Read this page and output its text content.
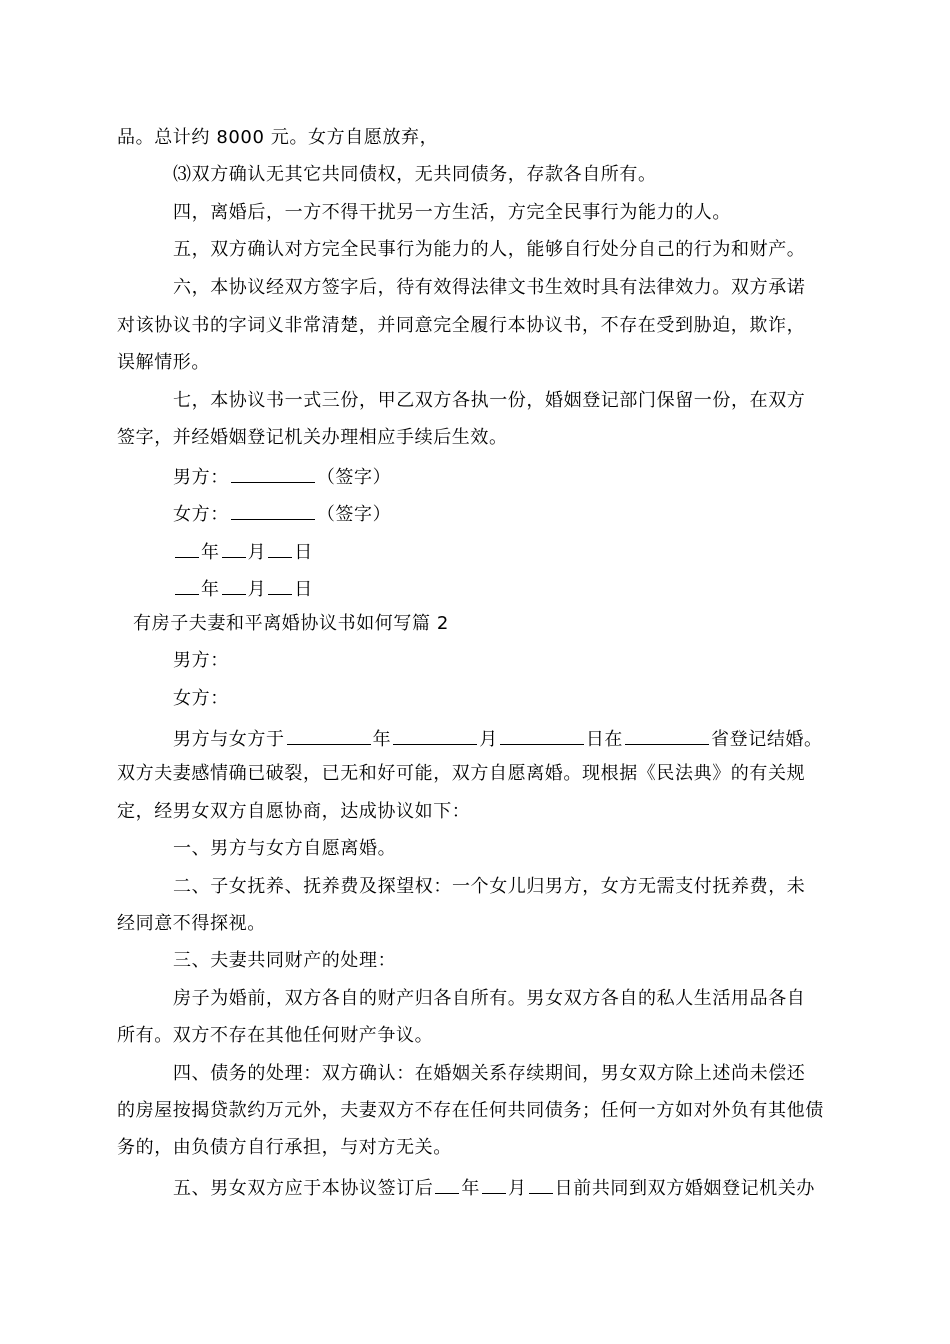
品。总计约 8000 元。女方自愿放弃，
⑶双方确认无其它共同债权，无共同债务，存款各自所有。
四，离婚后，一方不得干扰另一方生活，方完全民事行为能力的人。
五，双方确认对方完全民事行为能力的人，能够自行处分自己的行为和财产。
六，本协议经双方签字后，待有效得法律文书生效时具有法律效力。双方承诺
对该协议书的字词义非常清楚，并同意完全履行本协议书，不存在受到胁迫，欺诈，
误解情形。
七，本协议书一式三份，甲乙双方各执一份，婚姻登记部门保留一份，在双方
签字，并经婚姻登记机关办理相应手续后生效。
男方：	（签字）
女方：	（签字）
年 月 日
年 月 日
有房子夫妻和平离婚协议书如何写篇 2
男方：
女方：
男方与女方于	年	月	日在	省登记结婚。
双方夫妻感情确已破裂，已无和好可能，双方自愿离婚。现根据《民法典》的有关规
定，经男女双方自愿协商，达成协议如下：
一、男方与女方自愿离婚。
二、子女抚养、抚养费及探望权：一个女儿归男方，女方无需支付抚养费，未
经同意不得探视。
三、夫妻共同财产的处理：
房子为婚前，双方各自的财产归各自所有。男女双方各自的私人生活用品各自
所有。双方不存在其他任何财产争议。
四、债务的处理：双方确认：在婚姻关系存续期间，男女双方除上述尚未偿还
的房屋按揭贷款约万元外，夫妻双方不存在任何共同债务；任何一方如对外负有其他债
务的，由负债方自行承担，与对方无关。
五、男女双方应于本协议签订后 年 月 日前共同到双方婚姻登记机关办
